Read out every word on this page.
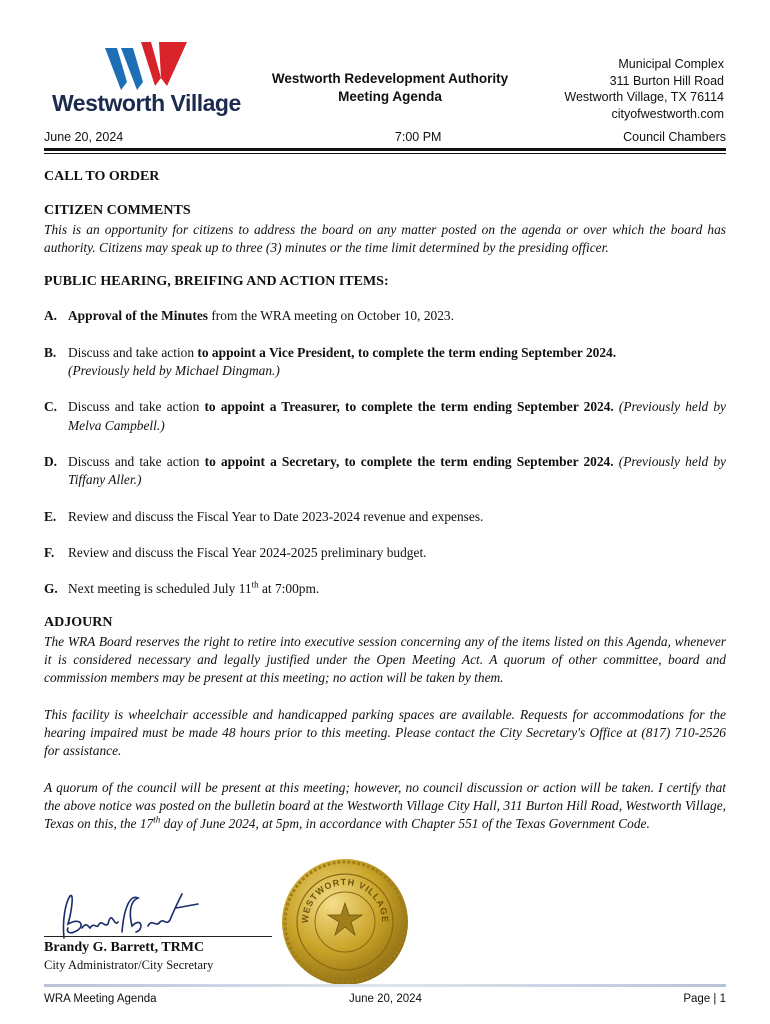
Westworth Village
Westworth Redevelopment Authority
Meeting Agenda
Municipal Complex
311 Burton Hill Road
Westworth Village, TX 76114
cityofwestworth.com
June 20, 2024	7:00 PM	Council Chambers

CALL TO ORDER

CITIZEN COMMENTS

This is an opportunity for citizens to address the board on any matter posted on the agenda or over which the board has authority. Citizens may speak up to three (3) minutes or the time limit determined by the presiding officer.

PUBLIC HEARING, BREIFING AND ACTION ITEMS:

A. Approval of the Minutes from the WRA meeting on October 10, 2023.
B. Discuss and take action to appoint a Vice President, to complete the term ending September 2024.
(Previously held by Michael Dingman.)
C. Discuss and take action to appoint a Treasurer, to complete the term ending September 2024. (Previously held by Melva Campbell.)
D. Discuss and take action to appoint a Secretary, to complete the term ending September 2024. (Previously held by Tiffany Aller.)
E. Review and discuss the Fiscal Year to Date 2023-2024 revenue and expenses.
F.	Review and discuss the Fiscal Year 2024-2025 preliminary budget.
G. Next meeting is scheduled July 11th at 7:00pm.

ADJOURN

The WRA Board reserves the right to retire into executive session concerning any of the items listed on this Agenda, whenever it is considered necessary and legally justified under the Open Meeting Act. A quorum of other committee, board and commission members may be present at this meeting; no action will be taken by them.

This facility is wheelchair accessible and handicapped parking spaces are available. Requests for accommodations for the hearing impaired must be made 48 hours prior to this meeting. Please contact the City Secretary's Office at (817) 710-2526 for assistance.

A quorum of the council will be present at this meeting; however, no council discussion or action will be taken. I certify that the above notice was posted on the bulletin board at the Westworth Village City Hall, 311 Burton Hill Road, Westworth Village, Texas on this, the 17th day of June 2024, at 5pm, in accordance with Chapter 551 of the Texas Government Code.

Brandy G. Barrett, TRMC
City Administrator/City Secretary
WESTWORTH VILLAGE
WRA Meeting Agenda	June 20, 2024	Page | 1
